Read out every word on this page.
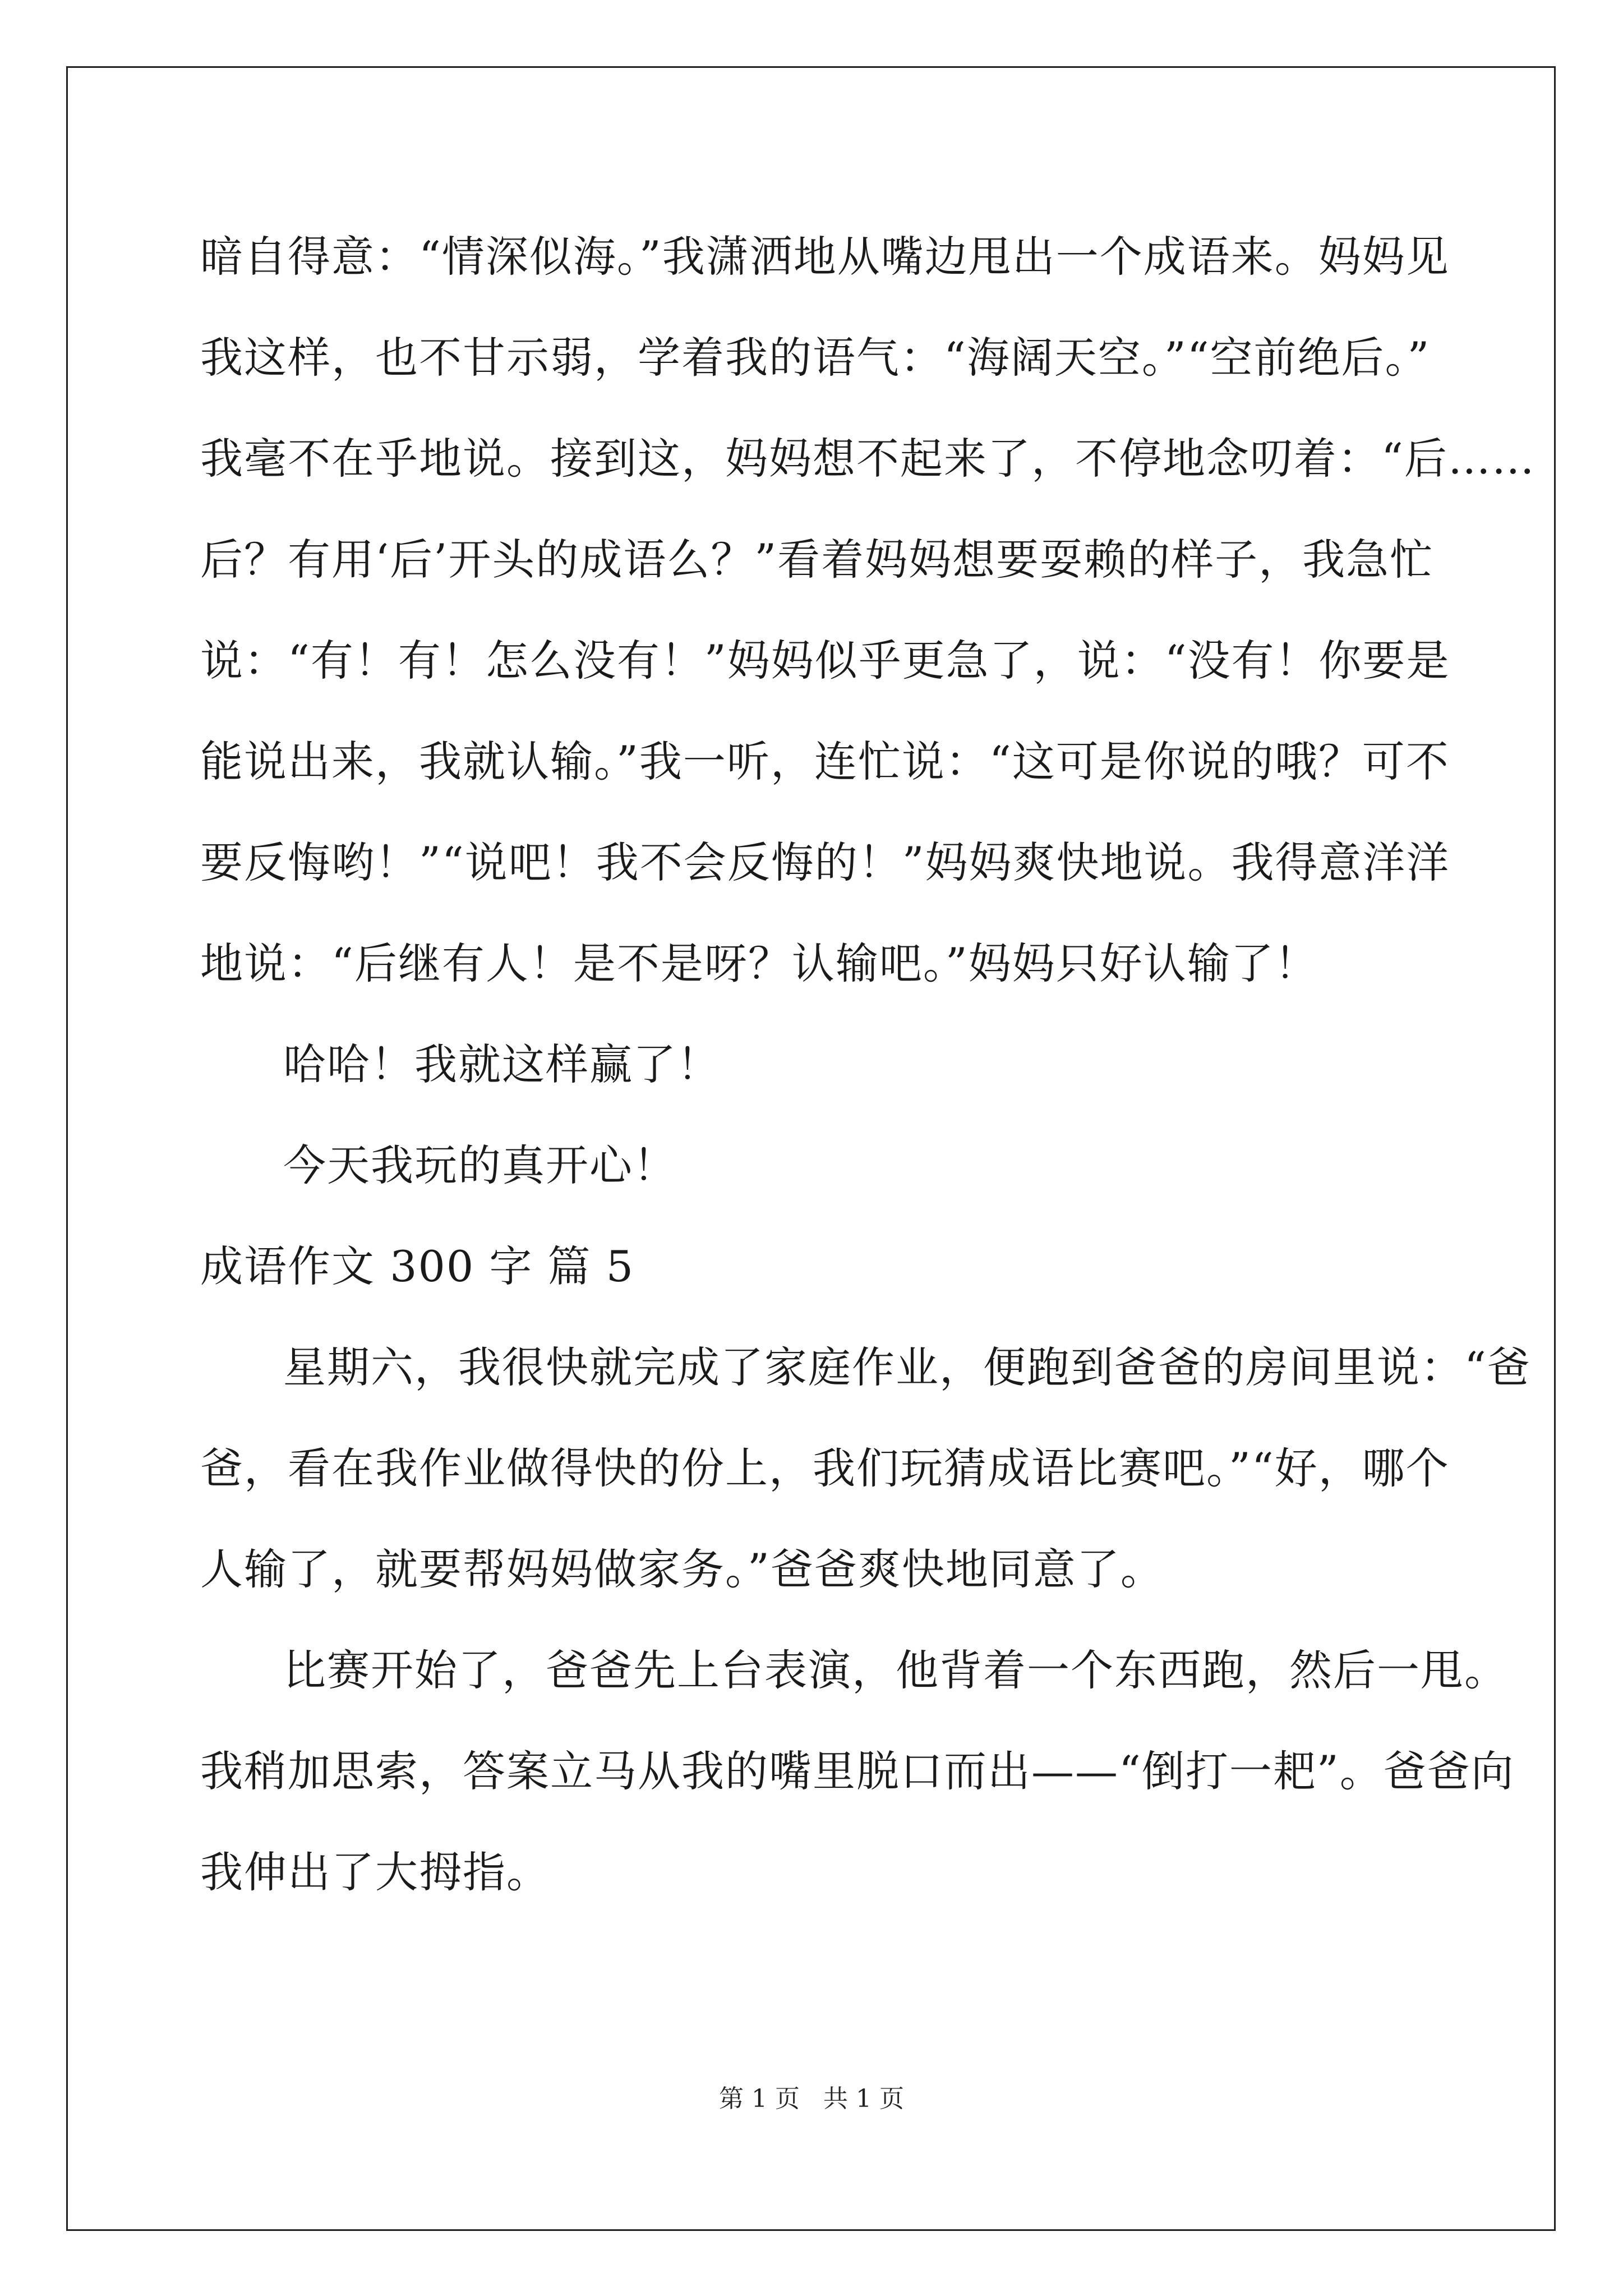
暗自得意：“情深似海。”我潇洒地从嘴边甩出一个成语来。妈妈见
我这样，也不甘示弱，学着我的语气：“海阔天空。”“空前绝后。”
我毫不在乎地说。接到这，妈妈想不起来了，不停地念叨着：“后……
后？有用‘后’开头的成语么？”看着妈妈想要耍赖的样子，我急忙
说：“有！有！怎么没有！”妈妈似乎更急了，说：“没有！你要是
能说出来，我就认输。”我一听，连忙说：“这可是你说的哦？可不
要反悔哟！”“说吧！我不会反悔的！”妈妈爽快地说。我得意洋洋
地说：“后继有人！是不是呀？认输吧。”妈妈只好认输了！
哈哈！我就这样赢了！
今天我玩的真开心！
成语作文 300 字 篇 5
星期六，我很快就完成了家庭作业，便跑到爸爸的房间里说：“爸
爸，看在我作业做得快的份上，我们玩猜成语比赛吧。”“好，哪个
人输了，就要帮妈妈做家务。”爸爸爽快地同意了。
比赛开始了，爸爸先上台表演，他背着一个东西跑，然后一甩。
我稍加思索，答案立马从我的嘴里脱口而出——“倒打一耙”。爸爸向
我伸出了大拇指。
第 1 页 共 1 页
